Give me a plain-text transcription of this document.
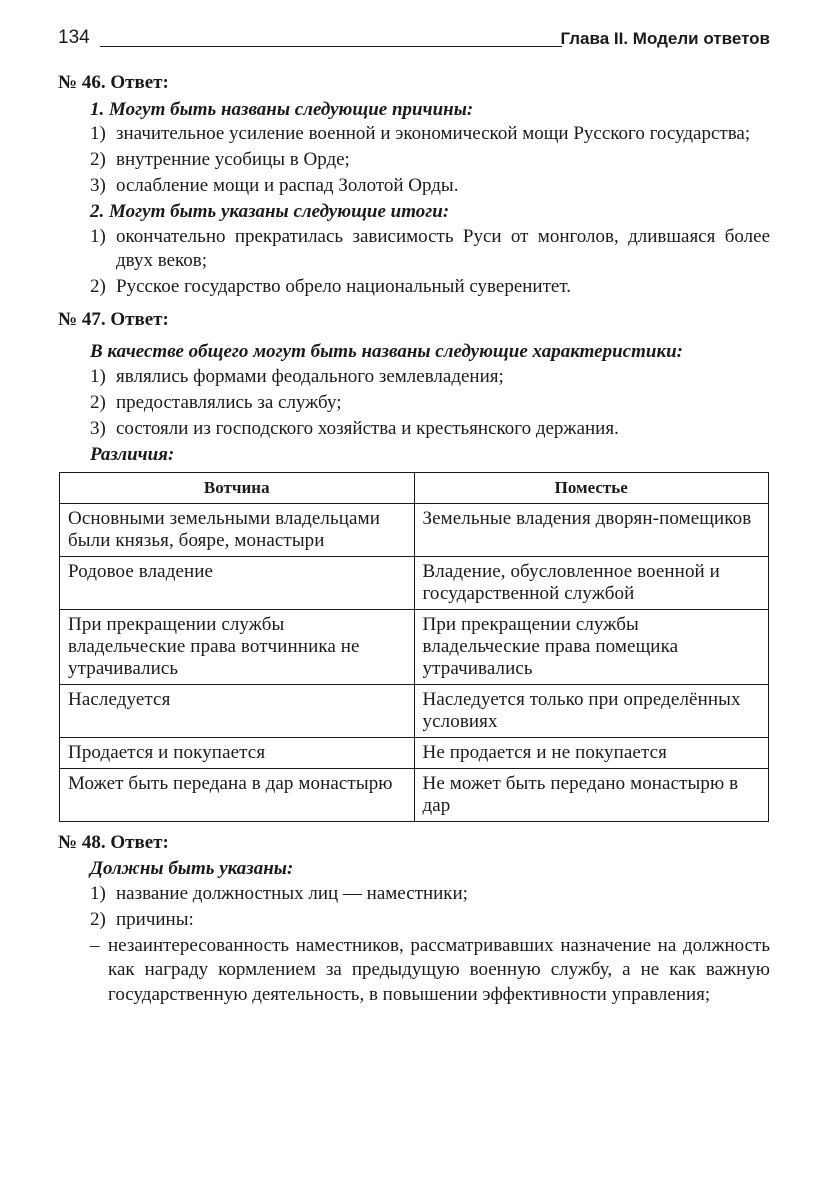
134	Глава II. Модели ответов

№ 46. Ответ:

1. Могут быть названы следующие причины:

1) значительное усиление военной и экономической мощи Русского государства;
2) внутренние усобицы в Орде;
3) ослабление мощи и распад Золотой Орды.

2. Могут быть указаны следующие итоги:

1) окончательно прекратилась зависимость Руси от монголов, длившаяся более двух веков;
2) Русское государство обрело национальный суверенитет.

№ 47. Ответ:

В качестве общего могут быть названы следующие характеристики:

1) являлись формами феодального землевладения;
2) предоставлялись за службу;
3) состояли из господского хозяйства и крестьянского держания.

Различия:

Вотчина	Поместье
Основными земельными владельцами были князья, бояре, монастыри	Земельные владения дворян-помещиков
Родовое владение	Владение, обусловленное военной и государственной службой
При прекращении службы владельческие права вотчинника не утрачивались	При прекращении службы владельческие права помещика утрачивались
Наследуется	Наследуется только при определённых условиях
Продается и покупается	Не продается и не покупается
Может быть передана в дар монастырю	Не может быть передано монастырю в дар

№ 48. Ответ:

Должны быть указаны:

1) название должностных лиц — наместники;
2) причины:
– незаинтересованность наместников, рассматривавших назначение на должность как награду кормлением за предыдущую военную службу, а не как важную государственную деятельность, в повышении эффективности управления;
